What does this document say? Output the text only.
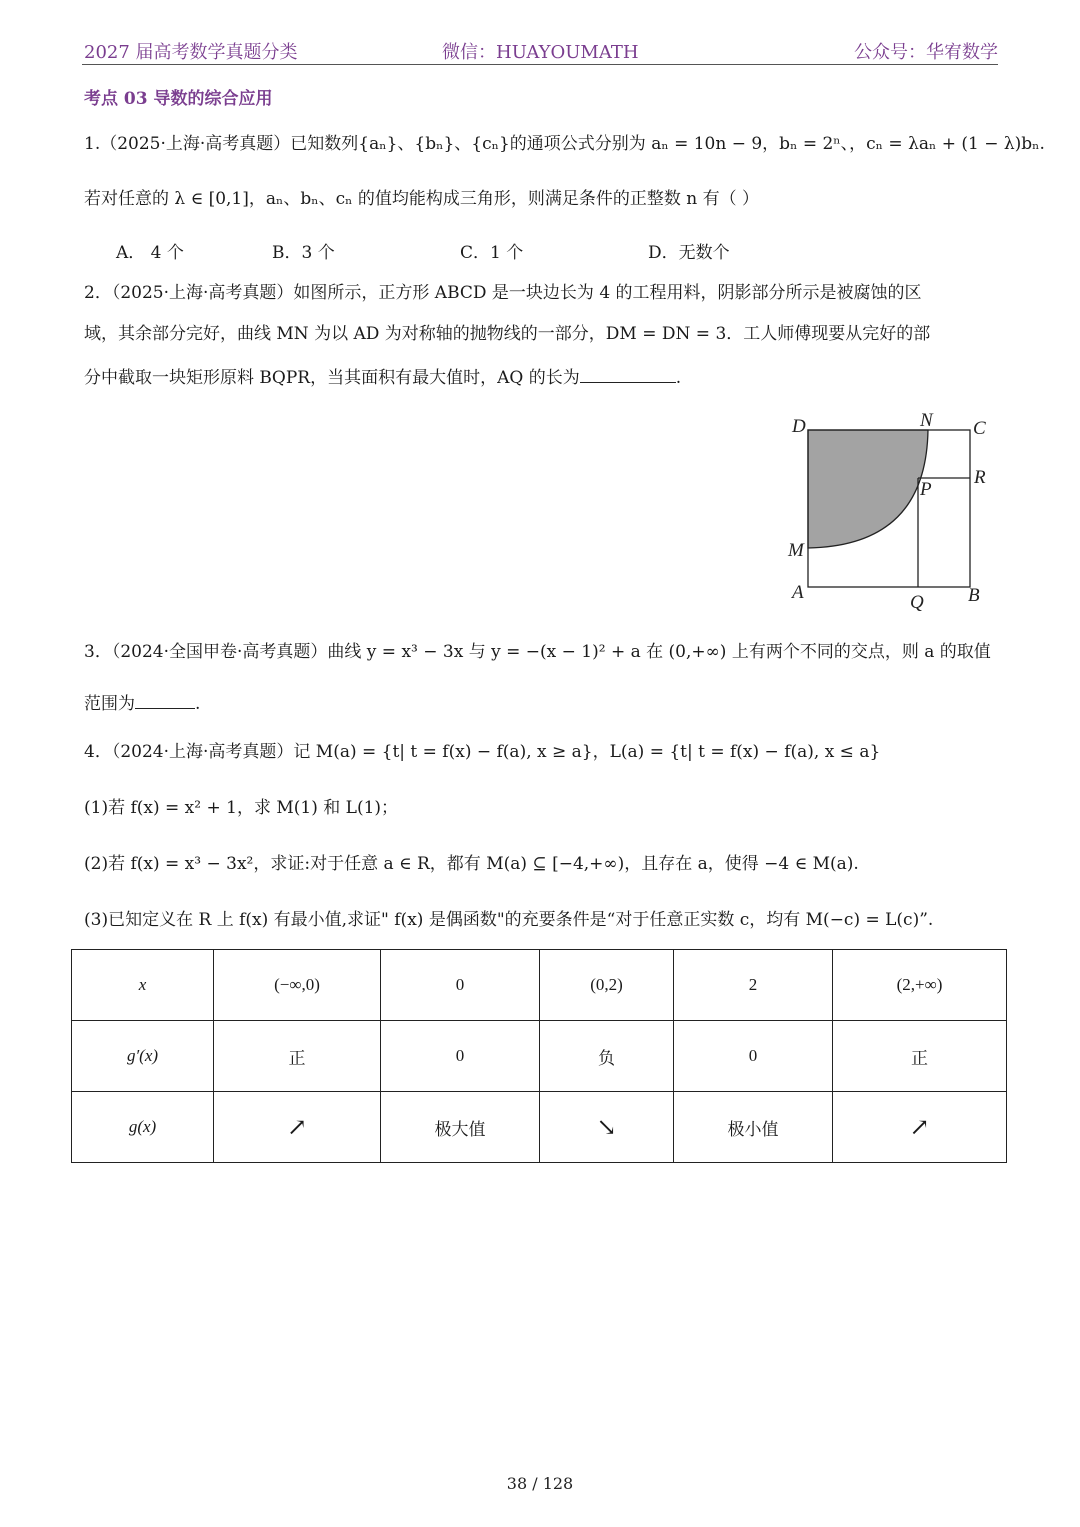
2027 届高考数学真题分类	微信：HUAYOUMATH	公众号：华宥数学
考点 03 导数的综合应用
1.（2025·上海·高考真题）已知数列{aₙ}、{bₙ}、{cₙ}的通项公式分别为 aₙ = 10n − 9，bₙ = 2ⁿ、，cₙ = λaₙ + (1 − λ)bₙ.
若对任意的 λ ∈ [0,1]，aₙ、bₙ、cₙ 的值均能构成三角形，则满足条件的正整数 n 有（ ）
A． 4 个	B．3 个	C．1 个	D．无数个
2．（2025·上海·高考真题）如图所示，正方形 ABCD 是一块边长为 4 的工程用料，阴影部分所示是被腐蚀的区
域，其余部分完好，曲线 MN 为以 AD 为对称轴的抛物线的一部分，DM = DN = 3．工人师傅现要从完好的部
分中截取一块矩形原料 BQPR，当其面积有最大值时，AQ 的长为	.
D	N C
R
P
M
A	Q B
3．（2024·全国甲卷·高考真题）曲线 y = x³ − 3x 与 y = −(x − 1)² + a 在 (0,+∞) 上有两个不同的交点，则 a 的取值
范围为	.
4．（2024·上海·高考真题）记 M(a) = {t| t = f(x) − f(a), x ≥ a}，L(a) = {t| t = f(x) − f(a), x ≤ a}
(1)若 f(x) = x² + 1，求 M(1) 和 L(1)；
(2)若 f(x) = x³ − 3x²，求证:对于任意 a ∈ R，都有 M(a) ⊆ [−4,+∞)，且存在 a，使得 −4 ∈ M(a).
(3)已知定义在 R 上 f(x) 有最小值,求证" f(x) 是偶函数"的充要条件是“对于任意正实数 c，均有 M(−c) = L(c)”.
x	(−∞,0)	0	(0,2)	2	(2,+∞)
g′(x)	正	0	负	0	正
g(x)	↗	极大值	↘	极小值	↗
38 / 128
